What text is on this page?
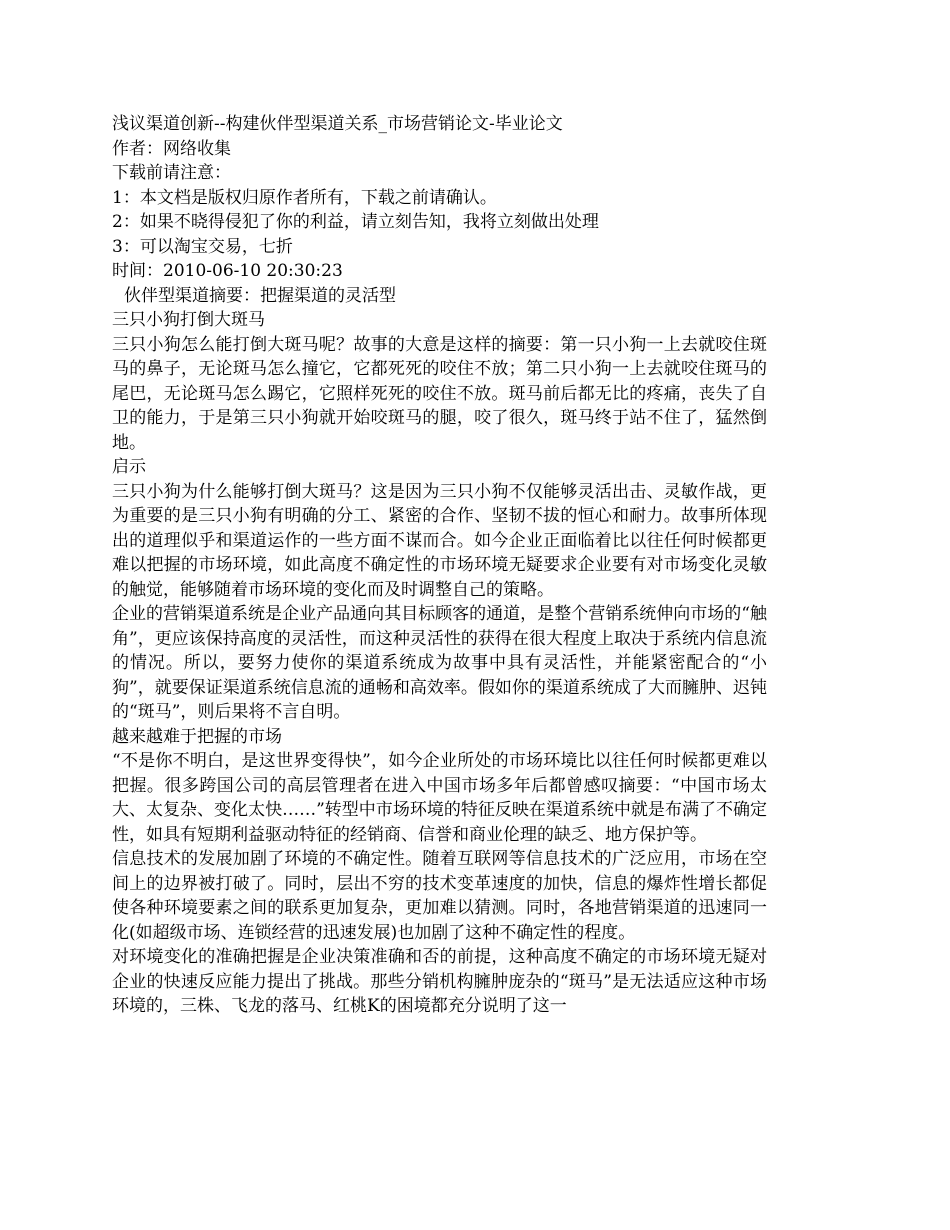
浅议渠道创新--构建伙伴型渠道关系_市场营销论文-毕业论文

作者：网络收集

下载前请注意：

1：本文档是版权归原作者所有，下载之前请确认。

2：如果不晓得侵犯了你的利益，请立刻告知，我将立刻做出处理

3：可以淘宝交易，七折

时间：2010-06-10 20:30:23

伙伴型渠道摘要：把握渠道的灵活型

三只小狗打倒大斑马

三只小狗怎么能打倒大斑马呢？故事的大意是这样的摘要：第一只小狗一上去就咬住斑马的鼻子，无论斑马怎么撞它，它都死死的咬住不放；第二只小狗一上去就咬住斑马的尾巴，无论斑马怎么踢它，它照样死死的咬住不放。斑马前后都无比的疼痛，丧失了自卫的能力，于是第三只小狗就开始咬斑马的腿，咬了很久，斑马终于站不住了，猛然倒地。

启示

三只小狗为什么能够打倒大斑马？这是因为三只小狗不仅能够灵活出击、灵敏作战，更为重要的是三只小狗有明确的分工、紧密的合作、坚韧不拔的恒心和耐力。故事所体现出的道理似乎和渠道运作的一些方面不谋而合。如今企业正面临着比以往任何时候都更难以把握的市场环境，如此高度不确定性的市场环境无疑要求企业要有对市场变化灵敏的触觉，能够随着市场环境的变化而及时调整自己的策略。

企业的营销渠道系统是企业产品通向其目标顾客的通道，是整个营销系统伸向市场的“触角”，更应该保持高度的灵活性，而这种灵活性的获得在很大程度上取决于系统内信息流的情况。所以，要努力使你的渠道系统成为故事中具有灵活性，并能紧密配合的“小狗”，就要保证渠道系统信息流的通畅和高效率。假如你的渠道系统成了大而臃肿、迟钝的“斑马”，则后果将不言自明。

越来越难于把握的市场

“不是你不明白，是这世界变得快”，如今企业所处的市场环境比以往任何时候都更难以把握。很多跨国公司的高层管理者在进入中国市场多年后都曾感叹摘要：“中国市场太大、太复杂、变化太快……”转型中市场环境的特征反映在渠道系统中就是布满了不确定性，如具有短期利益驱动特征的经销商、信誉和商业伦理的缺乏、地方保护等。

信息技术的发展加剧了环境的不确定性。随着互联网等信息技术的广泛应用，市场在空间上的边界被打破了。同时，层出不穷的技术变革速度的加快，信息的爆炸性增长都促使各种环境要素之间的联系更加复杂，更加难以猜测。同时，各地营销渠道的迅速同一化(如超级市场、连锁经营的迅速发展)也加剧了这种不确定性的程度。

对环境变化的准确把握是企业决策准确和否的前提，这种高度不确定的市场环境无疑对企业的快速反应能力提出了挑战。那些分销机构臃肿庞杂的“斑马”是无法适应这种市场环境的，三株、飞龙的落马、红桃K的困境都充分说明了这一
